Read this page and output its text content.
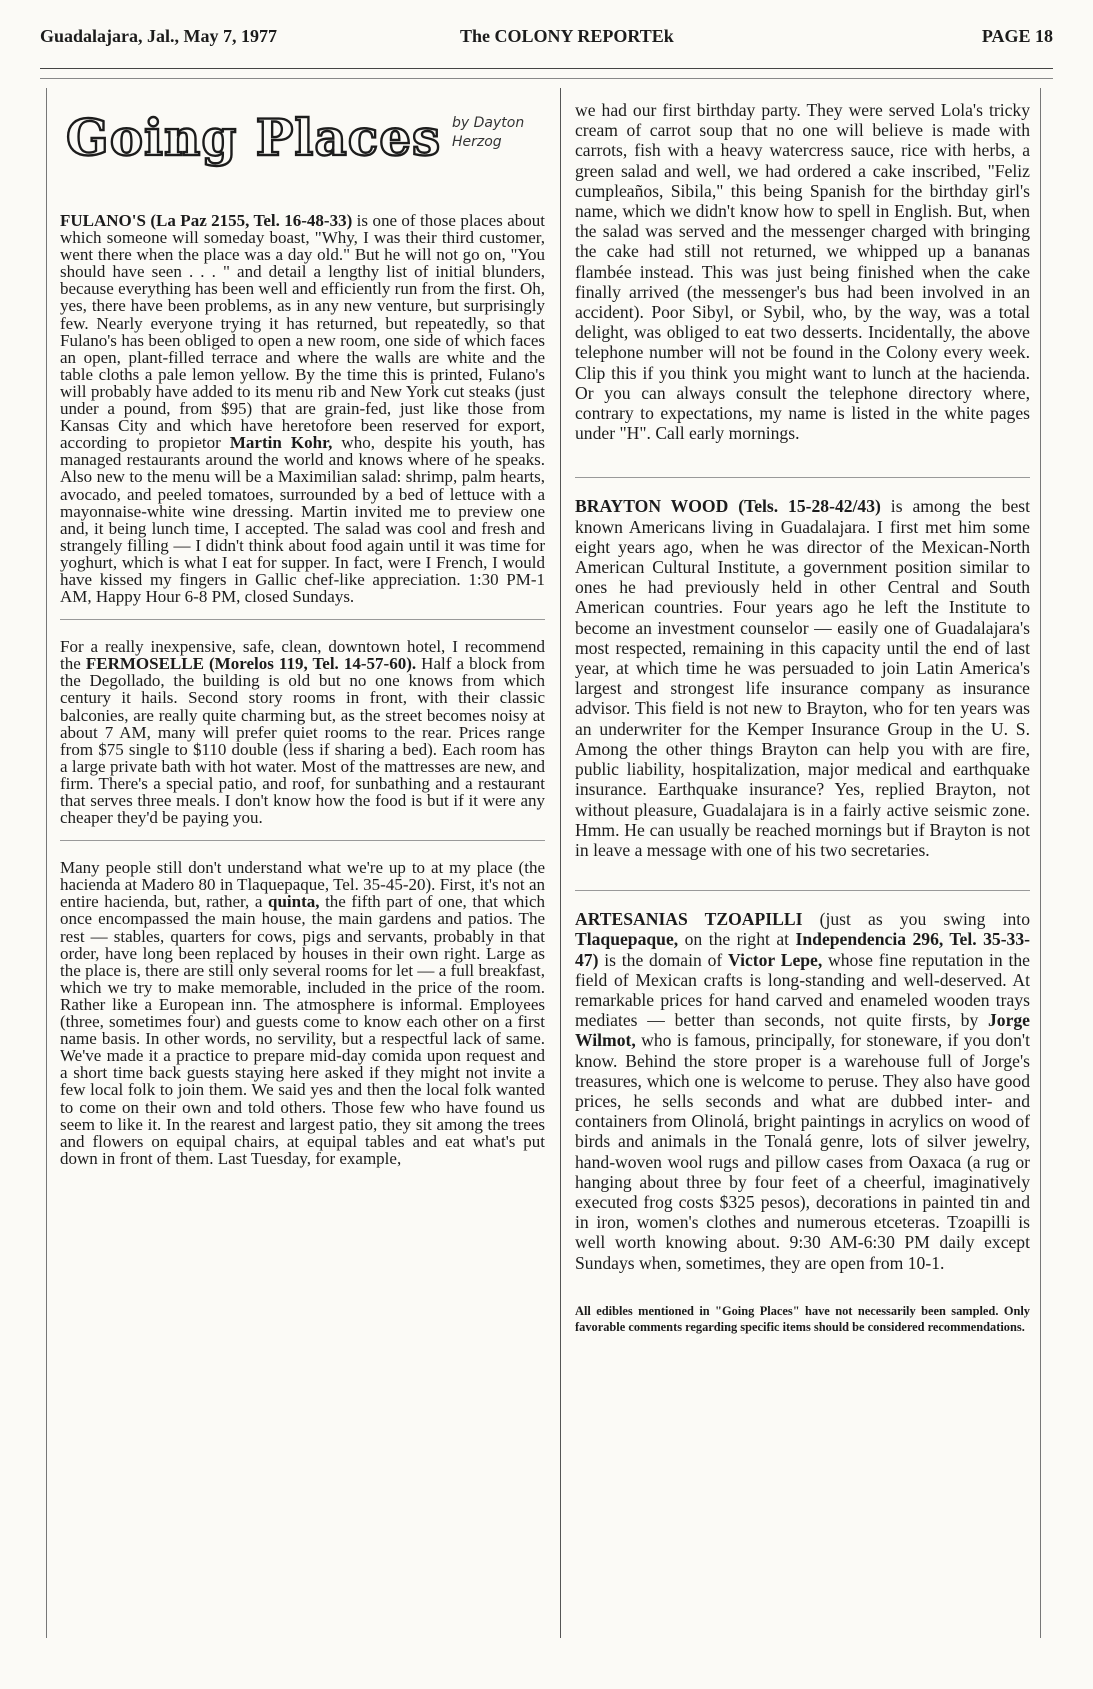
Guadalajara, Jal., May 7, 1977	The COLONY REPORTEk	PAGE 18
Going Places by Dayton Herzog

FULANO'S (La Paz 2155, Tel. 16-48-33) is one of those places about which someone will someday boast, "Why, I was their third customer, went there when the place was a day old." But he will not go on, "You should have seen . . . " and detail a lengthy list of initial blunders, because everything has been well and efficiently run from the first. Oh, yes, there have been problems, as in any new venture, but surprisingly few. Nearly everyone trying it has returned, but repeatedly, so that Fulano's has been obliged to open a new room, one side of which faces an open, plant-filled terrace and where the walls are white and the table cloths a pale lemon yellow. By the time this is printed, Fulano's will probably have added to its menu rib and New York cut steaks (just under a pound, from $95) that are grain-fed, just like those from Kansas City and which have heretofore been reserved for export, according to propietor Martin Kohr, who, despite his youth, has managed restaurants around the world and knows where of he speaks. Also new to the menu will be a Maximilian salad: shrimp, palm hearts, avocado, and peeled tomatoes, surrounded by a bed of lettuce with a mayonnaise-white wine dressing. Martin invited me to preview one and, it being lunch time, I accepted. The salad was cool and fresh and strangely filling — I didn't think about food again until it was time for yoghurt, which is what I eat for supper. In fact, were I French, I would have kissed my fingers in Gallic chef-like appreciation. 1:30 PM-1 AM, Happy Hour 6-8 PM, closed Sundays.

For a really inexpensive, safe, clean, downtown hotel, I recommend the FERMOSELLE (Morelos 119, Tel. 14-57-60). Half a block from the Degollado, the building is old but no one knows from which century it hails. Second story rooms in front, with their classic balconies, are really quite charming but, as the street becomes noisy at about 7 AM, many will prefer quiet rooms to the rear. Prices range from $75 single to $110 double (less if sharing a bed). Each room has a large private bath with hot water. Most of the mattresses are new, and firm. There's a special patio, and roof, for sunbathing and a restaurant that serves three meals. I don't know how the food is but if it were any cheaper they'd be paying you.

Many people still don't understand what we're up to at my place (the hacienda at Madero 80 in Tlaquepaque, Tel. 35-45-20). First, it's not an entire hacienda, but, rather, a quinta, the fifth part of one, that which once encompassed the main house, the main gardens and patios. The rest — stables, quarters for cows, pigs and servants, probably in that order, have long been replaced by houses in their own right. Large as the place is, there are still only several rooms for let — a full breakfast, which we try to make memorable, included in the price of the room. Rather like a European inn. The atmosphere is informal. Employees (three, sometimes four) and guests come to know each other on a first name basis. In other words, no servility, but a respectful lack of same. We've made it a practice to prepare mid-day comida upon request and a short time back guests staying here asked if they might not invite a few local folk to join them. We said yes and then the local folk wanted to come on their own and told others. Those few who have found us seem to like it. In the rearest and largest patio, they sit among the trees and flowers on equipal chairs, at equipal tables and eat what's put down in front of them. Last Tuesday, for example,

we had our first birthday party. They were served Lola's tricky cream of carrot soup that no one will believe is made with carrots, fish with a heavy watercress sauce, rice with herbs, a green salad and well, we had ordered a cake inscribed, "Feliz cumpleaños, Sibila," this being Spanish for the birthday girl's name, which we didn't know how to spell in English. But, when the salad was served and the messenger charged with bringing the cake had still not returned, we whipped up a bananas flambée instead. This was just being finished when the cake finally arrived (the messenger's bus had been involved in an accident). Poor Sibyl, or Sybil, who, by the way, was a total delight, was obliged to eat two desserts. Incidentally, the above telephone number will not be found in the Colony every week. Clip this if you think you might want to lunch at the hacienda. Or you can always consult the telephone directory where, contrary to expectations, my name is listed in the white pages under "H". Call early mornings.

BRAYTON WOOD (Tels. 15-28-42/43) is among the best known Americans living in Guadalajara. I first met him some eight years ago, when he was director of the Mexican-North American Cultural Institute, a government position similar to ones he had previously held in other Central and South American countries. Four years ago he left the Institute to become an investment counselor — easily one of Guadalajara's most respected, remaining in this capacity until the end of last year, at which time he was persuaded to join Latin America's largest and strongest life insurance company as insurance advisor. This field is not new to Brayton, who for ten years was an underwriter for the Kemper Insurance Group in the U. S. Among the other things Brayton can help you with are fire, public liability, hospitalization, major medical and earthquake insurance. Earthquake insurance? Yes, replied Brayton, not without pleasure, Guadalajara is in a fairly active seismic zone. Hmm. He can usually be reached mornings but if Brayton is not in leave a message with one of his two secretaries.

ARTESANIAS TZOAPILLI (just as you swing into Tlaquepaque, on the right at Independencia 296, Tel. 35-33-47) is the domain of Victor Lepe, whose fine reputation in the field of Mexican crafts is long-standing and well-deserved. At remarkable prices for hand carved and enameled wooden trays mediates — better than seconds, not quite firsts, by Jorge Wilmot, who is famous, principally, for stoneware, if you don't know. Behind the store proper is a warehouse full of Jorge's treasures, which one is welcome to peruse. They also have good prices, he sells seconds and what are dubbed inter- and containers from Olinolá, bright paintings in acrylics on wood of birds and animals in the Tonalá genre, lots of silver jewelry, hand-woven wool rugs and pillow cases from Oaxaca (a rug or hanging about three by four feet of a cheerful, imaginatively executed frog costs $325 pesos), decorations in painted tin and in iron, women's clothes and numerous etceteras. Tzoapilli is well worth knowing about. 9:30 AM-6:30 PM daily except Sundays when, sometimes, they are open from 10-1.

All edibles mentioned in "Going Places" have not necessarily been sampled. Only favorable comments regarding specific items should be considered recommendations.
